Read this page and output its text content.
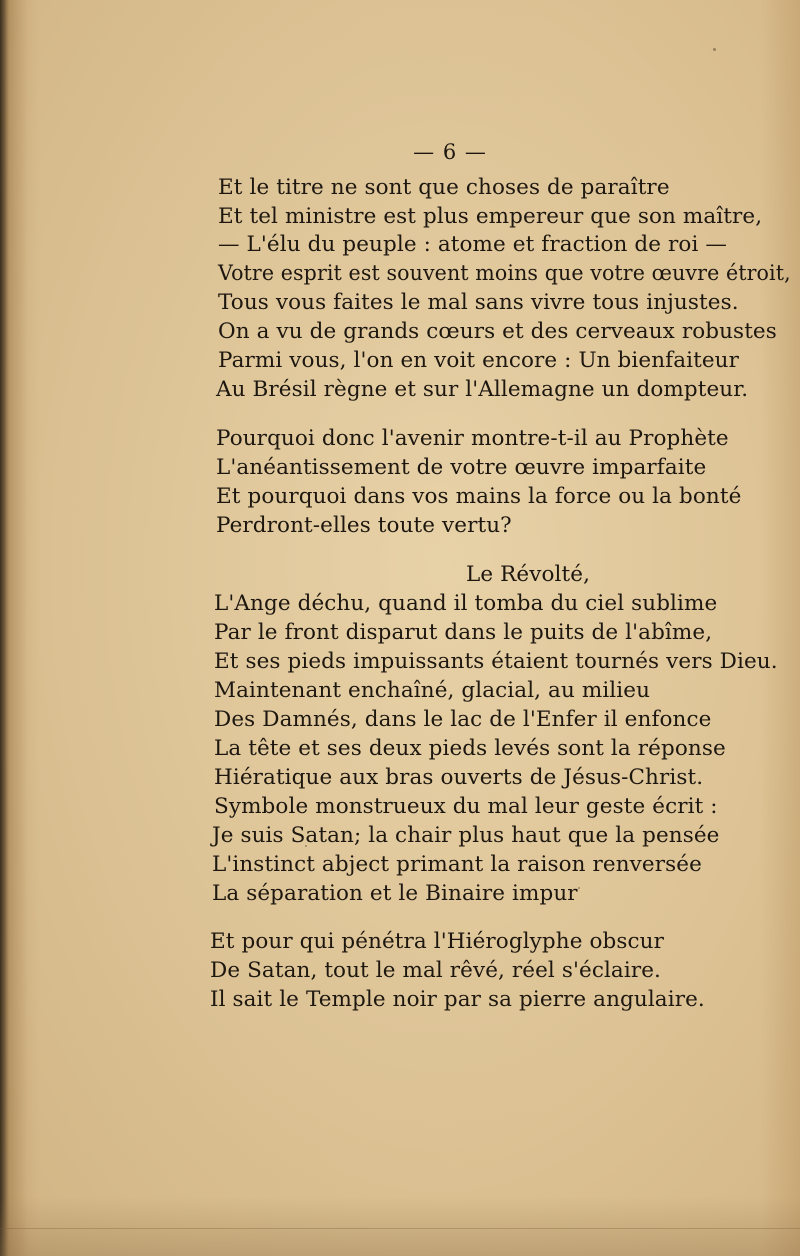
— 6 —
Et le titre ne sont que choses de paraître
Et tel ministre est plus empereur que son maître,
— L'élu du peuple : atome et fraction de roi —
Votre esprit est souvent moins que votre œuvre étroit,
Tous vous faites le mal sans vivre tous injustes.
On a vu de grands cœurs et des cerveaux robustes
Parmi vous, l'on en voit encore : Un bienfaiteur
Au Brésil règne et sur l'Allemagne un dompteur.
Pourquoi donc l'avenir montre-t-il au Prophète
L'anéantissement de votre œuvre imparfaite
Et pourquoi dans vos mains la force ou la bonté
Perdront-elles toute vertu?
Le Révolté,
L'Ange déchu, quand il tomba du ciel sublime
Par le front disparut dans le puits de l'abîme,
Et ses pieds impuissants étaient tournés vers Dieu.
Maintenant enchaîné, glacial, au milieu
Des Damnés, dans le lac de l'Enfer il enfonce
La tête et ses deux pieds levés sont la réponse
Hiératique aux bras ouverts de Jésus-Christ.
Symbole monstrueux du mal leur geste écrit :
Je suis Satan; la chair plus haut que la pensée
L'instinct abject primant la raison renversée
La séparation et le Binaire impur
Et pour qui pénétra l'Hiéroglyphe obscur
De Satan, tout le mal rêvé, réel s'éclaire.
Il sait le Temple noir par sa pierre angulaire.
